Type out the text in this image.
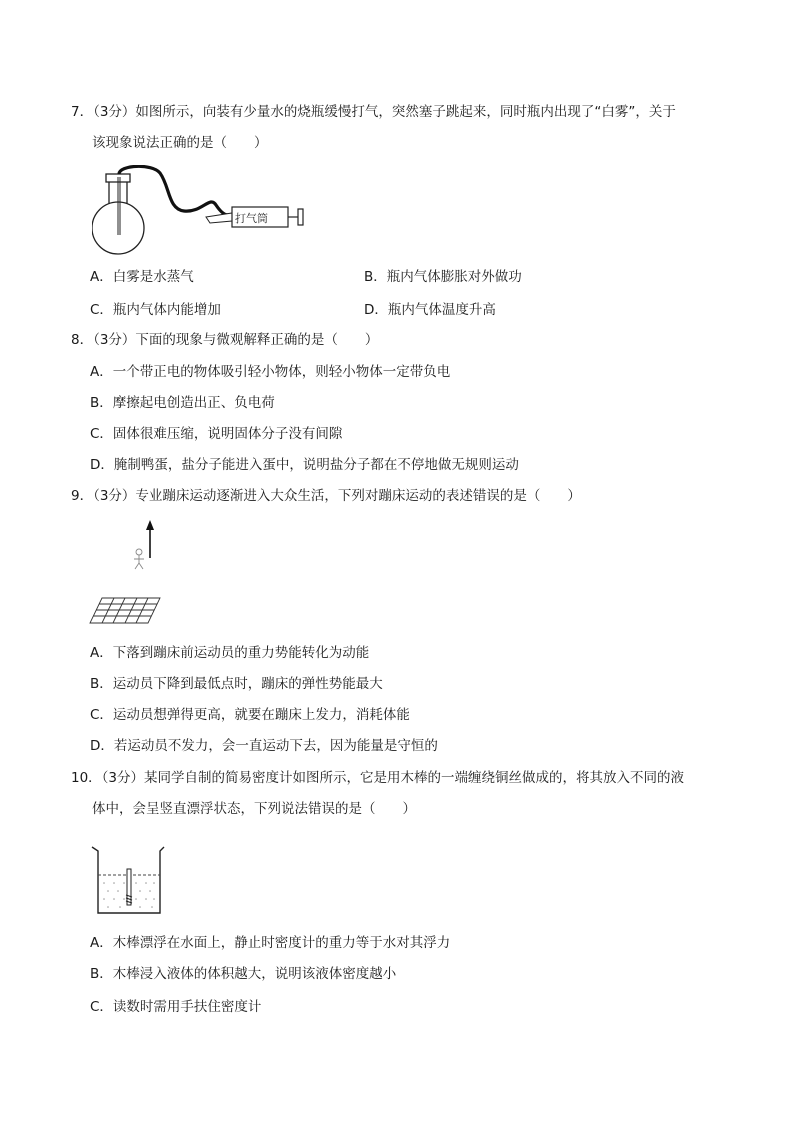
7．（3分）如图所示，向装有少量水的烧瓶缓慢打气，突然塞子跳起来，同时瓶内出现了“白雾”，关于
该现象说法正确的是（　　）
打气筒
A．白雾是水蒸气	B．瓶内气体膨胀对外做功
C．瓶内气体内能增加	D．瓶内气体温度升高
8．（3分）下面的现象与微观解释正确的是（　　）
A．一个带正电的物体吸引轻小物体，则轻小物体一定带负电
B．摩擦起电创造出正、负电荷
C．固体很难压缩，说明固体分子没有间隙
D．腌制鸭蛋，盐分子能进入蛋中，说明盐分子都在不停地做无规则运动
9．（3分）专业蹦床运动逐渐进入大众生活，下列对蹦床运动的表述错误的是（　　）
A．下落到蹦床前运动员的重力势能转化为动能
B．运动员下降到最低点时，蹦床的弹性势能最大
C．运动员想弹得更高，就要在蹦床上发力，消耗体能
D．若运动员不发力，会一直运动下去，因为能量是守恒的
10．（3分）某同学自制的简易密度计如图所示，它是用木棒的一端缠绕铜丝做成的，将其放入不同的液
体中，会呈竖直漂浮状态，下列说法错误的是（　　）
A．木棒漂浮在水面上，静止时密度计的重力等于水对其浮力
B．木棒浸入液体的体积越大，说明该液体密度越小
C．读数时需用手扶住密度计
